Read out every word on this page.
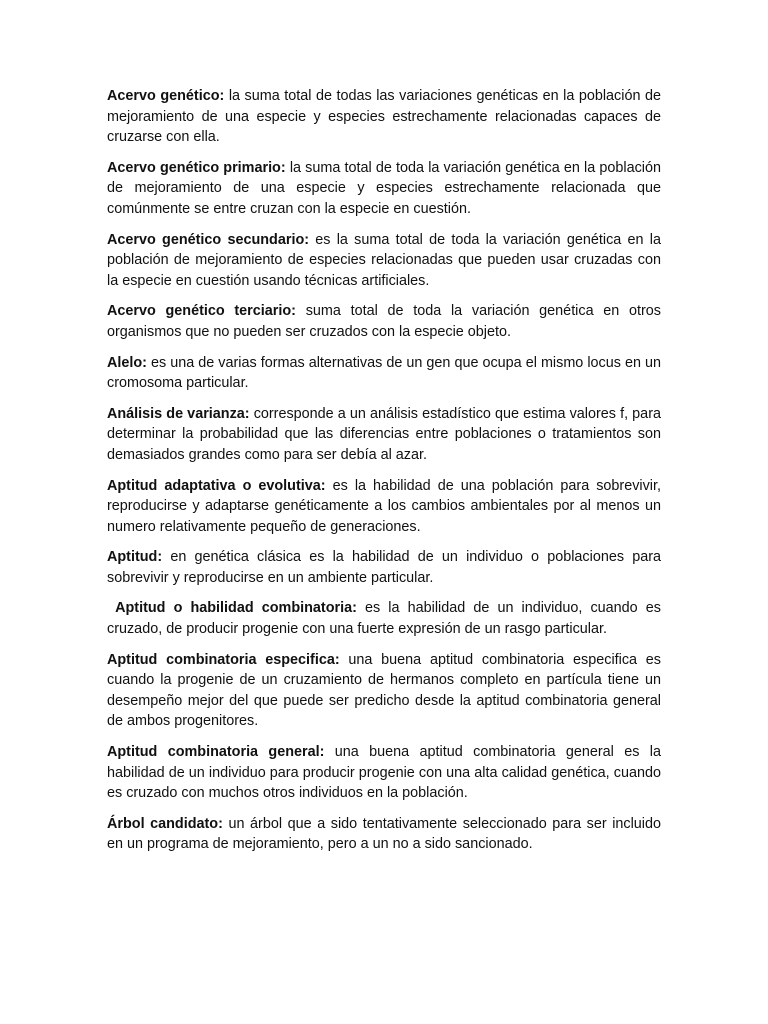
Acervo genético: la suma total de todas las variaciones genéticas en la población de mejoramiento de una especie y especies estrechamente relacionadas capaces de cruzarse con ella.

Acervo genético primario: la suma total de toda la variación genética en la población de mejoramiento de una especie y especies estrechamente relacionada que comúnmente se entre cruzan con la especie en cuestión.

Acervo genético secundario: es la suma total de toda la variación genética en la población de mejoramiento de especies relacionadas que pueden usar cruzadas con la especie en cuestión usando técnicas artificiales.

Acervo genético terciario: suma total de toda la variación genética en otros organismos que no pueden ser cruzados con la especie objeto.

Alelo: es una de varias formas alternativas de un gen que ocupa el mismo locus en un cromosoma particular.

Análisis de varianza: corresponde a un análisis estadístico que estima valores f, para determinar la probabilidad que las diferencias entre poblaciones o tratamientos son demasiados grandes como para ser debía al azar.

Aptitud adaptativa o evolutiva: es la habilidad de una población para sobrevivir, reproducirse y adaptarse genéticamente a los cambios ambientales por al menos un numero relativamente pequeño de generaciones.

Aptitud: en genética clásica es la habilidad de un individuo o poblaciones para sobrevivir y reproducirse en un ambiente particular.

Aptitud o habilidad combinatoria: es la habilidad de un individuo, cuando es cruzado, de producir progenie con una fuerte expresión de un rasgo particular.

Aptitud combinatoria especifica: una buena aptitud combinatoria especifica es cuando la progenie de un cruzamiento de hermanos completo en partícula tiene un desempeño mejor del que puede ser predicho desde la aptitud combinatoria general de ambos progenitores.

Aptitud combinatoria general: una buena aptitud combinatoria general es la habilidad de un individuo para producir progenie con una alta calidad genética, cuando es cruzado con muchos otros individuos en la población.

Árbol candidato: un árbol que a sido tentativamente seleccionado para ser incluido en un programa de mejoramiento, pero a un no a sido sancionado.
